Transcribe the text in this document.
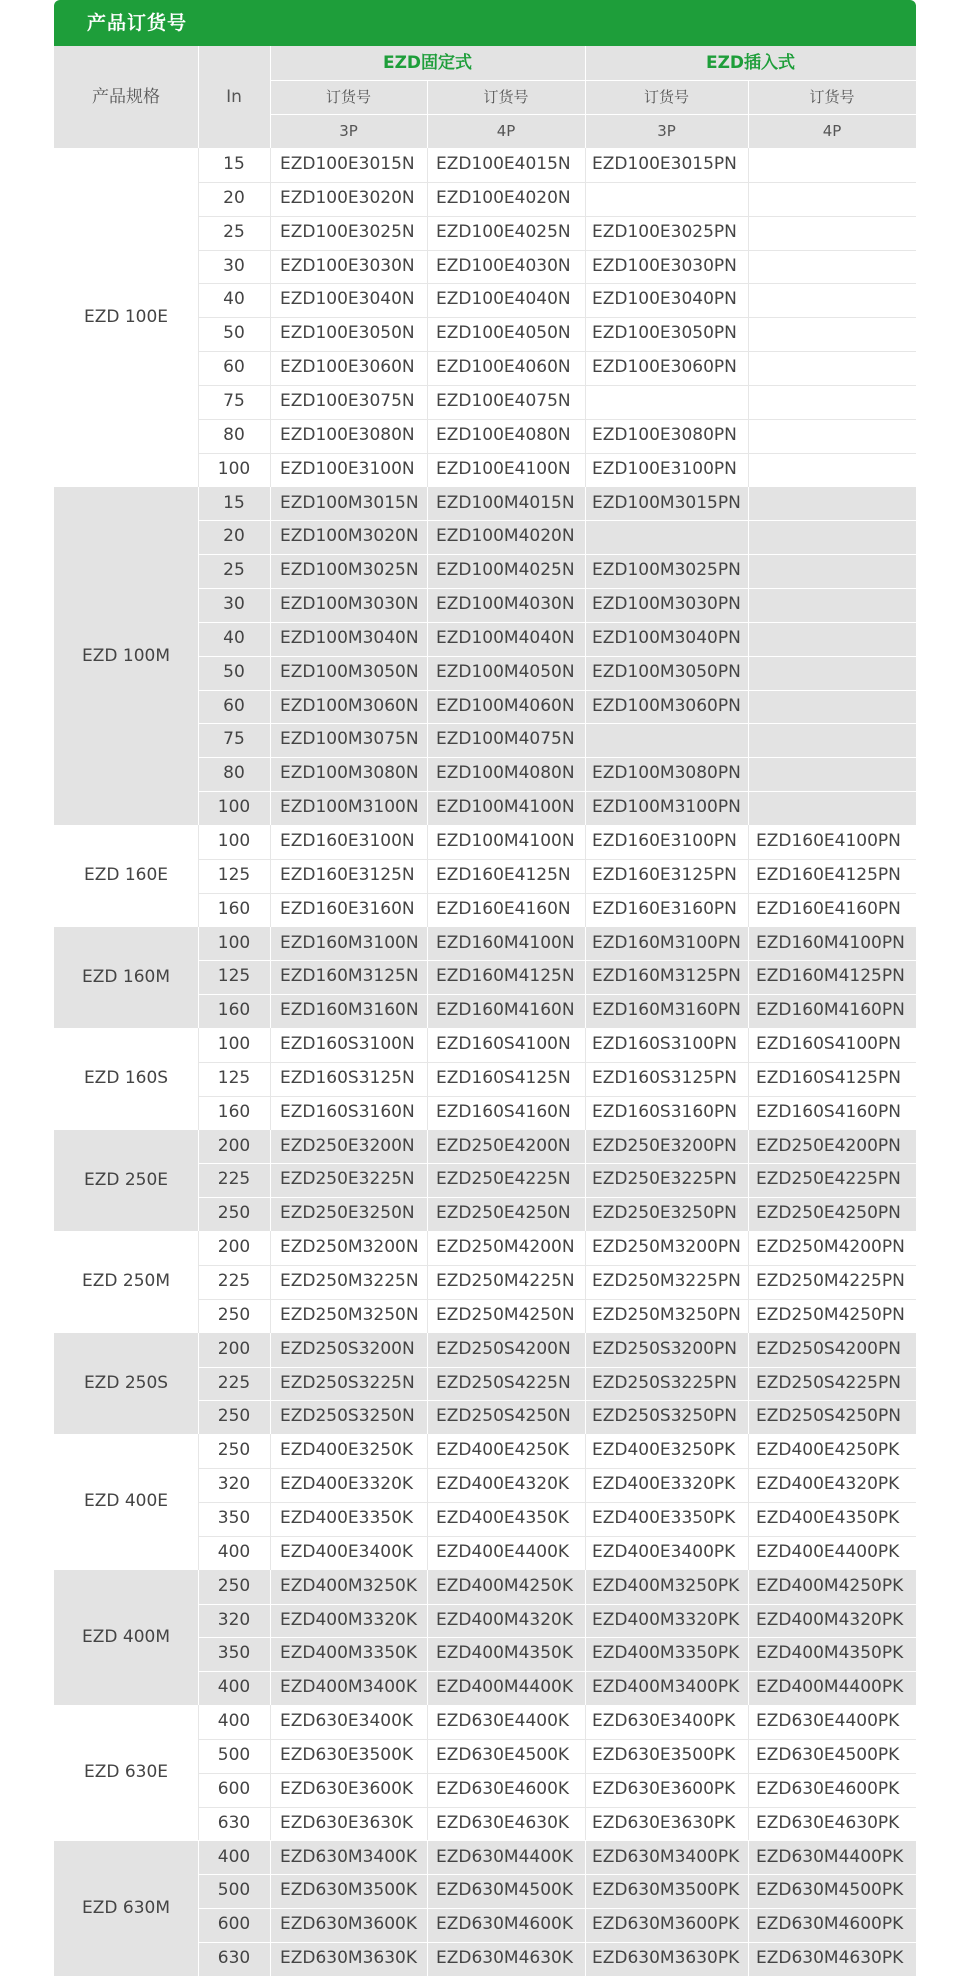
产品订货号
产品规格	In
EZD固定式	EZD插入式
订货号	订货号	订货号	订货号
3P	4P	3P	4P
EZD 100E
15	EZD100E3015N	EZD100E4015N	EZD100E3015PN
20	EZD100E3020N	EZD100E4020N
25	EZD100E3025N	EZD100E4025N	EZD100E3025PN
30	EZD100E3030N	EZD100E4030N	EZD100E3030PN
40	EZD100E3040N	EZD100E4040N	EZD100E3040PN
50	EZD100E3050N	EZD100E4050N	EZD100E3050PN
60	EZD100E3060N	EZD100E4060N	EZD100E3060PN
75	EZD100E3075N	EZD100E4075N
80	EZD100E3080N	EZD100E4080N	EZD100E3080PN
100	EZD100E3100N	EZD100E4100N	EZD100E3100PN
EZD 100M
15	EZD100M3015N	EZD100M4015N	EZD100M3015PN
20	EZD100M3020N	EZD100M4020N
25	EZD100M3025N	EZD100M4025N	EZD100M3025PN
30	EZD100M3030N	EZD100M4030N	EZD100M3030PN
40	EZD100M3040N	EZD100M4040N	EZD100M3040PN
50	EZD100M3050N	EZD100M4050N	EZD100M3050PN
60	EZD100M3060N	EZD100M4060N	EZD100M3060PN
75	EZD100M3075N	EZD100M4075N
80	EZD100M3080N	EZD100M4080N	EZD100M3080PN
100	EZD100M3100N	EZD100M4100N	EZD100M3100PN
EZD 160E
100	EZD160E3100N	EZD100M4100N	EZD160E3100PN	EZD160E4100PN
125	EZD160E3125N	EZD160E4125N	EZD160E3125PN	EZD160E4125PN
160	EZD160E3160N	EZD160E4160N	EZD160E3160PN	EZD160E4160PN
EZD 160M
100	EZD160M3100N	EZD160M4100N	EZD160M3100PN EZD160M4100PN
125	EZD160M3125N	EZD160M4125N	EZD160M3125PN EZD160M4125PN
160	EZD160M3160N	EZD160M4160N	EZD160M3160PN EZD160M4160PN
EZD 160S
100	EZD160S3100N	EZD160S4100N	EZD160S3100PN	EZD160S4100PN
125	EZD160S3125N	EZD160S4125N	EZD160S3125PN	EZD160S4125PN
160	EZD160S3160N	EZD160S4160N	EZD160S3160PN	EZD160S4160PN
EZD 250E
200	EZD250E3200N	EZD250E4200N	EZD250E3200PN	EZD250E4200PN
225	EZD250E3225N	EZD250E4225N	EZD250E3225PN	EZD250E4225PN
250	EZD250E3250N	EZD250E4250N	EZD250E3250PN	EZD250E4250PN
EZD 250M
200	EZD250M3200N	EZD250M4200N	EZD250M3200PN EZD250M4200PN
225	EZD250M3225N	EZD250M4225N	EZD250M3225PN EZD250M4225PN
250	EZD250M3250N	EZD250M4250N	EZD250M3250PN EZD250M4250PN
EZD 250S
200	EZD250S3200N	EZD250S4200N	EZD250S3200PN	EZD250S4200PN
225	EZD250S3225N	EZD250S4225N	EZD250S3225PN	EZD250S4225PN
250	EZD250S3250N	EZD250S4250N	EZD250S3250PN	EZD250S4250PN
EZD 400E
250	EZD400E3250K	EZD400E4250K	EZD400E3250PK	EZD400E4250PK
320	EZD400E3320K	EZD400E4320K	EZD400E3320PK	EZD400E4320PK
350	EZD400E3350K	EZD400E4350K	EZD400E3350PK	EZD400E4350PK
400	EZD400E3400K	EZD400E4400K	EZD400E3400PK	EZD400E4400PK
EZD 400M
250	EZD400M3250K	EZD400M4250K	EZD400M3250PK EZD400M4250PK
320	EZD400M3320K	EZD400M4320K	EZD400M3320PK EZD400M4320PK
350	EZD400M3350K	EZD400M4350K	EZD400M3350PK EZD400M4350PK
400	EZD400M3400K	EZD400M4400K	EZD400M3400PK EZD400M4400PK
EZD 630E
400	EZD630E3400K	EZD630E4400K	EZD630E3400PK	EZD630E4400PK
500	EZD630E3500K	EZD630E4500K	EZD630E3500PK	EZD630E4500PK
600	EZD630E3600K	EZD630E4600K	EZD630E3600PK	EZD630E4600PK
630	EZD630E3630K	EZD630E4630K	EZD630E3630PK	EZD630E4630PK
EZD 630M
400	EZD630M3400K	EZD630M4400K	EZD630M3400PK EZD630M4400PK
500	EZD630M3500K	EZD630M4500K	EZD630M3500PK EZD630M4500PK
600	EZD630M3600K	EZD630M4600K	EZD630M3600PK EZD630M4600PK
630	EZD630M3630K	EZD630M4630K	EZD630M3630PK EZD630M4630PK
